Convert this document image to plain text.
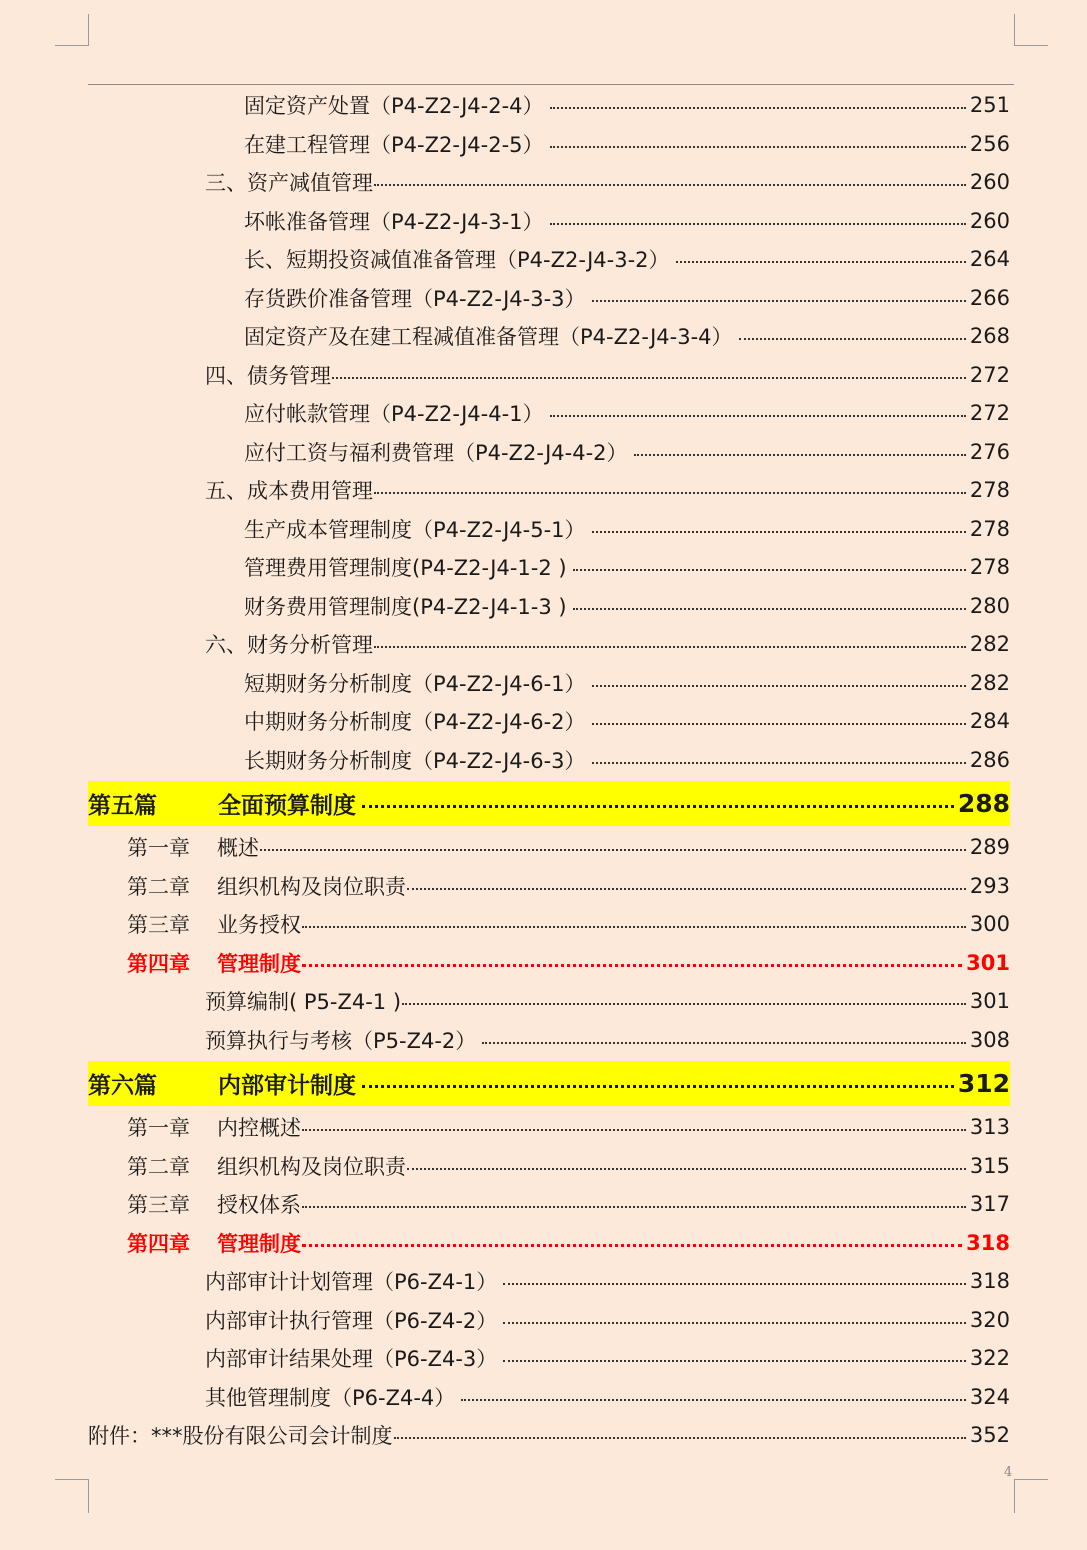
固定资产处置（P4-Z2-J4-2-4）	251
在建工程管理（P4-Z2-J4-2-5）	256
三、 资产减值管理	260
坏帐准备管理（P4-Z2-J4-3-1）	260
长、短期投资减值准备管理（P4-Z2-J4-3-2）	264
存货跌价准备管理（P4-Z2-J4-3-3）	266
固定资产及在建工程减值准备管理（P4-Z2-J4-3-4）	268
四、 债务管理	272
应付帐款管理（P4-Z2-J4-4-1）	272
应付工资与福利费管理（P4-Z2-J4-4-2）	276
五、 成本费用管理	278
生产成本管理制度（P4-Z2-J4-5-1）	278
管理费用管理制度(P4-Z2-J4-1-2 )	278
财务费用管理制度(P4-Z2-J4-1-3 )	280
六、 财务分析管理	282
短期财务分析制度（P4-Z2-J4-6-1）	282
中期财务分析制度（P4-Z2-J4-6-2）	284
长期财务分析制度（P4-Z2-J4-6-3）	286
第五篇	全面预算制度	288
第一章	概述	289
第二章	组织机构及岗位职责	293
第三章	业务授权	300
第四章	管理制度	301
预算编制( P5-Z4-1 )	301
预算执行与考核（P5-Z4-2）	308
第六篇	内部审计制度	312
第一章	内控概述	313
第二章	组织机构及岗位职责	315
第三章	授权体系	317
第四章	管理制度	318
内部审计计划管理（P6-Z4-1）	318
内部审计执行管理（P6-Z4-2）	320
内部审计结果处理（P6-Z4-3）	322
其他管理制度（P6-Z4-4）	324
附件：***股份有限公司会计制度	352
4
